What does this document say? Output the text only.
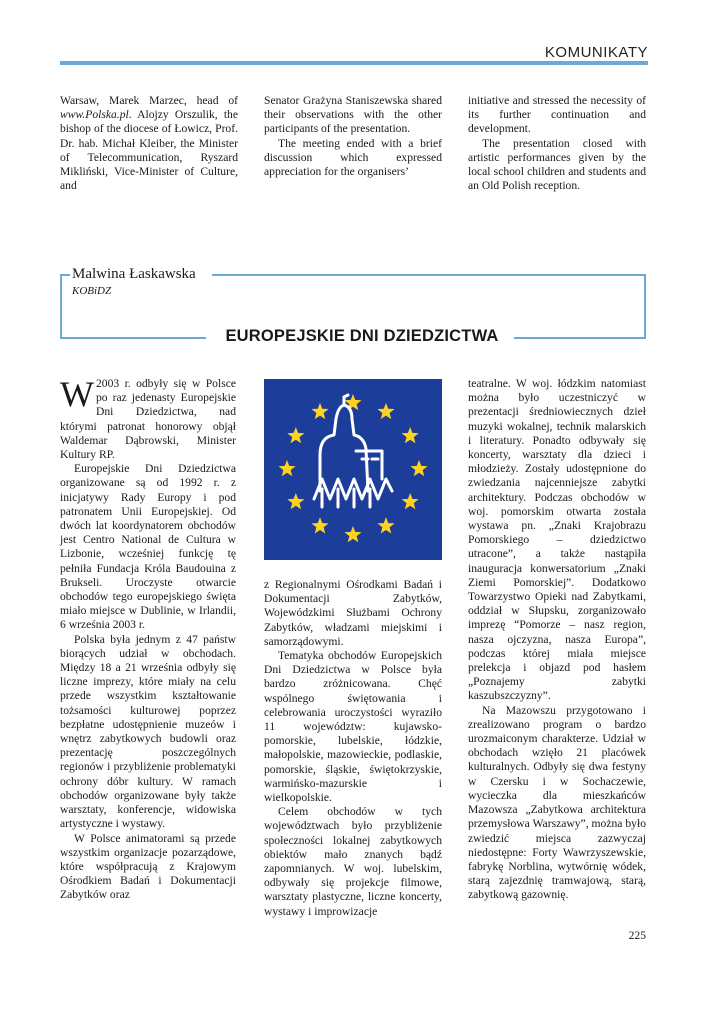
KOMUNIKATY

Warsaw, Marek Marzec, head of www.Polska.pl. Alojzy Orszulik, the bishop of the diocese of Łowicz, Prof. Dr. hab. Michał Kleiber, the Minister of Telecommunication, Ryszard Mikliński, Vice-Minister of Culture, and

Senator Grażyna Staniszewska shared their observations with the other participants of the presentation.

The meeting ended with a brief discussion which expressed appreciation for the organisers’

initiative and stressed the necessity of its further continuation and development.

The presentation closed with artistic performances given by the local school children and students and an Old Polish reception.

Malwina Łaskawska
KOBiDZ
EUROPEJSKIE DNI DZIEDZICTWA

W 2003 r. odbyły się w Polsce po raz jedenasty Europejskie Dni Dziedzictwa, nad którymi patronat honorowy objął Waldemar Dąbrowski, Minister Kultury RP.

Europejskie Dni Dziedzictwa organizowane są od 1992 r. z inicjatywy Rady Europy i pod patronatem Unii Europejskiej. Od dwóch lat koordynatorem obchodów jest Centro National de Cultura w Lizbonie, wcześniej funkcję tę pełniła Fundacja Króla Baudouina z Brukseli. Uroczyste otwarcie obchodów tego europejskiego święta miało miejsce w Dublinie, w Irlandii, 6 września 2003 r.

Polska była jednym z 47 państw biorących udział w obchodach. Między 18 a 21 września odbyły się liczne imprezy, które miały na celu przede wszystkim kształtowanie tożsamości kulturowej poprzez bezpłatne udostępnienie muzeów i wnętrz zabytkowych budowli oraz prezentację poszczególnych regionów i przybliżenie problematyki ochrony dóbr kultury. W ramach obchodów organizowane były także warsztaty, konferencje, widowiska artystyczne i wystawy.

W Polsce animatorami są przede wszystkim organizacje pozarządowe, które współpracują z Krajowym Ośrodkiem Badań i Dokumentacji Zabytków oraz

z Regionalnymi Ośrodkami Badań i Dokumentacji Zabytków, Wojewódzkimi Służbami Ochrony Zabytków, władzami miejskimi i samorządowymi.

Tematyka obchodów Europejskich Dni Dziedzictwa w Polsce była bardzo zróżnicowana. Chęć wspólnego świętowania i celebrowania uroczystości wyraziło 11 województw: kujawsko-pomorskie, lubelskie, łódzkie, małopolskie, mazowieckie, podlaskie, pomorskie, śląskie, świętokrzyskie, warmińsko-mazurskie i wielkopolskie.

Celem obchodów w tych województwach było przybliżenie społeczności lokalnej zabytkowych obiektów mało znanych bądź zapomnianych. W woj. lubelskim, odbywały się projekcje filmowe, warsztaty plastyczne, liczne koncerty, wystawy i improwizacje

teatralne. W woj. łódzkim natomiast można było uczestniczyć w prezentacji średniowiecznych dzieł muzyki wokalnej, technik malarskich i literatury. Ponadto odbywały się koncerty, warsztaty dla dzieci i młodzieży. Zostały udostępnione do zwiedzania najcenniejsze zabytki architektury. Podczas obchodów w woj. pomorskim otwarta została wystawa pn. „Znaki Krajobrazu Pomorskiego – dziedzictwo utracone”, a także nastąpiła inauguracja konwersatorium „Znaki Ziemi Pomorskiej”. Dodatkowo Towarzystwo Opieki nad Zabytkami, oddział w Słupsku, zorganizowało imprezę “Pomorze – nasz region, nasza ojczyzna, nasza Europa”, podczas której miała miejsce prelekcja i objazd pod hasłem „Poznajemy zabytki kaszubszczyzny”.

Na Mazowszu przygotowano i zrealizowano program o bardzo urozmaiconym charakterze. Udział w obchodach wzięło 21 placówek kulturalnych. Odbyły się dwa festyny w Czersku i w Sochaczewie, wycieczka dla mieszkańców Mazowsza „Zabytkowa architektura przemysłowa Warszawy”, można było zwiedzić miejsca zazwyczaj niedostępne: Forty Wawrzyszewskie, fabrykę Norblina, wytwórnię wódek, starą zajezdnię tramwajową, starą, zabytkową gazownię.

225
